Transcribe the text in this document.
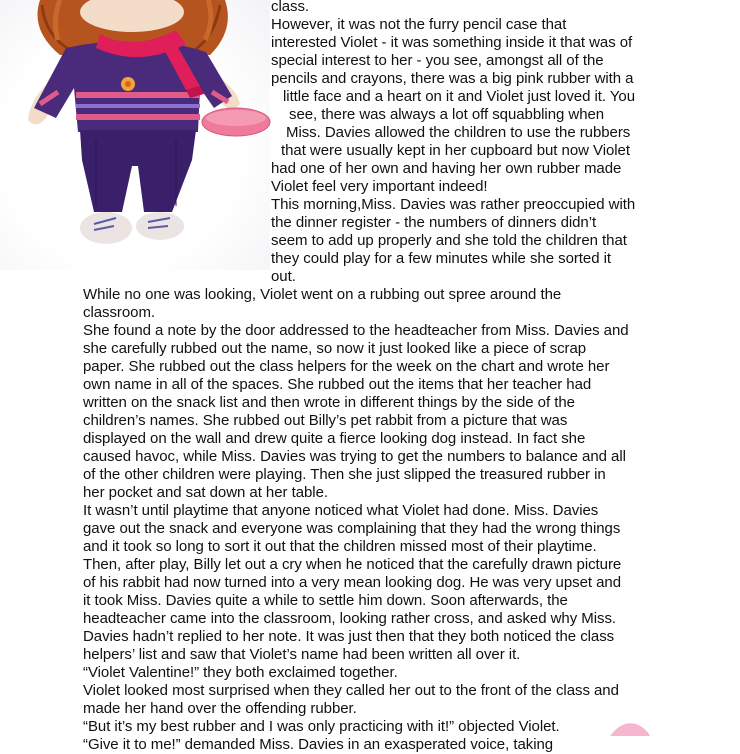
class.
However, it was not the furry pencil case that
interested Violet - it was something inside it that was of
special interest to her - you see, amongst all of the
pencils and crayons, there was a big pink rubber with a
little face and a heart on it and Violet just loved it. You
see, there was always a lot off squabbling when
Miss. Davies allowed the children to use the rubbers
that were usually kept in her cupboard but now Violet
had one of her own and having her own rubber made
Violet feel very important indeed!
This morning,Miss. Davies was rather preoccupied with
the dinner register - the numbers of dinners didn’t
seem to add up properly and she told the children that
they could play for a few minutes while she sorted it
out.
While no one was looking, Violet went on a rubbing out spree around the
classroom.
She found a note by the door addressed to the headteacher from Miss. Davies and
she carefully rubbed out the name, so now it just looked like a piece of scrap
paper. She rubbed out the class helpers for the week on the chart and wrote her
own name in all of the spaces. She rubbed out the items that her teacher had
written on the snack list and then wrote in different things by the side of the
children’s names. She rubbed out Billy’s pet rabbit from a picture that was
displayed on the wall and drew quite a fierce looking dog instead. In fact she
caused havoc, while Miss. Davies was trying to get the numbers to balance and all
of the other children were playing. Then she just slipped the treasured rubber in
her pocket and sat down at her table.
It wasn’t until playtime that anyone noticed what Violet had done. Miss. Davies
gave out the snack and everyone was complaining that they had the wrong things
and it took so long to sort it out that the children missed most of their playtime.
Then, after play, Billy let out a cry when he noticed that the carefully drawn picture
of his rabbit had now turned into a very mean looking dog. He was very upset and
it took Miss. Davies quite a while to settle him down. Soon afterwards, the
headteacher came into the classroom, looking rather cross, and asked why Miss.
Davies hadn’t replied to her note. It was just then that they both noticed the class
helpers’ list and saw that Violet’s name had been written all over it.
“Violet Valentine!” they both exclaimed together.
Violet looked most surprised when they called her out to the front of the class and
made her hand over the offending rubber.
“But it’s my best rubber and I was only practicing with it!” objected Violet.
“Give it to me!” demanded Miss. Davies in an exasperated voice, taking
